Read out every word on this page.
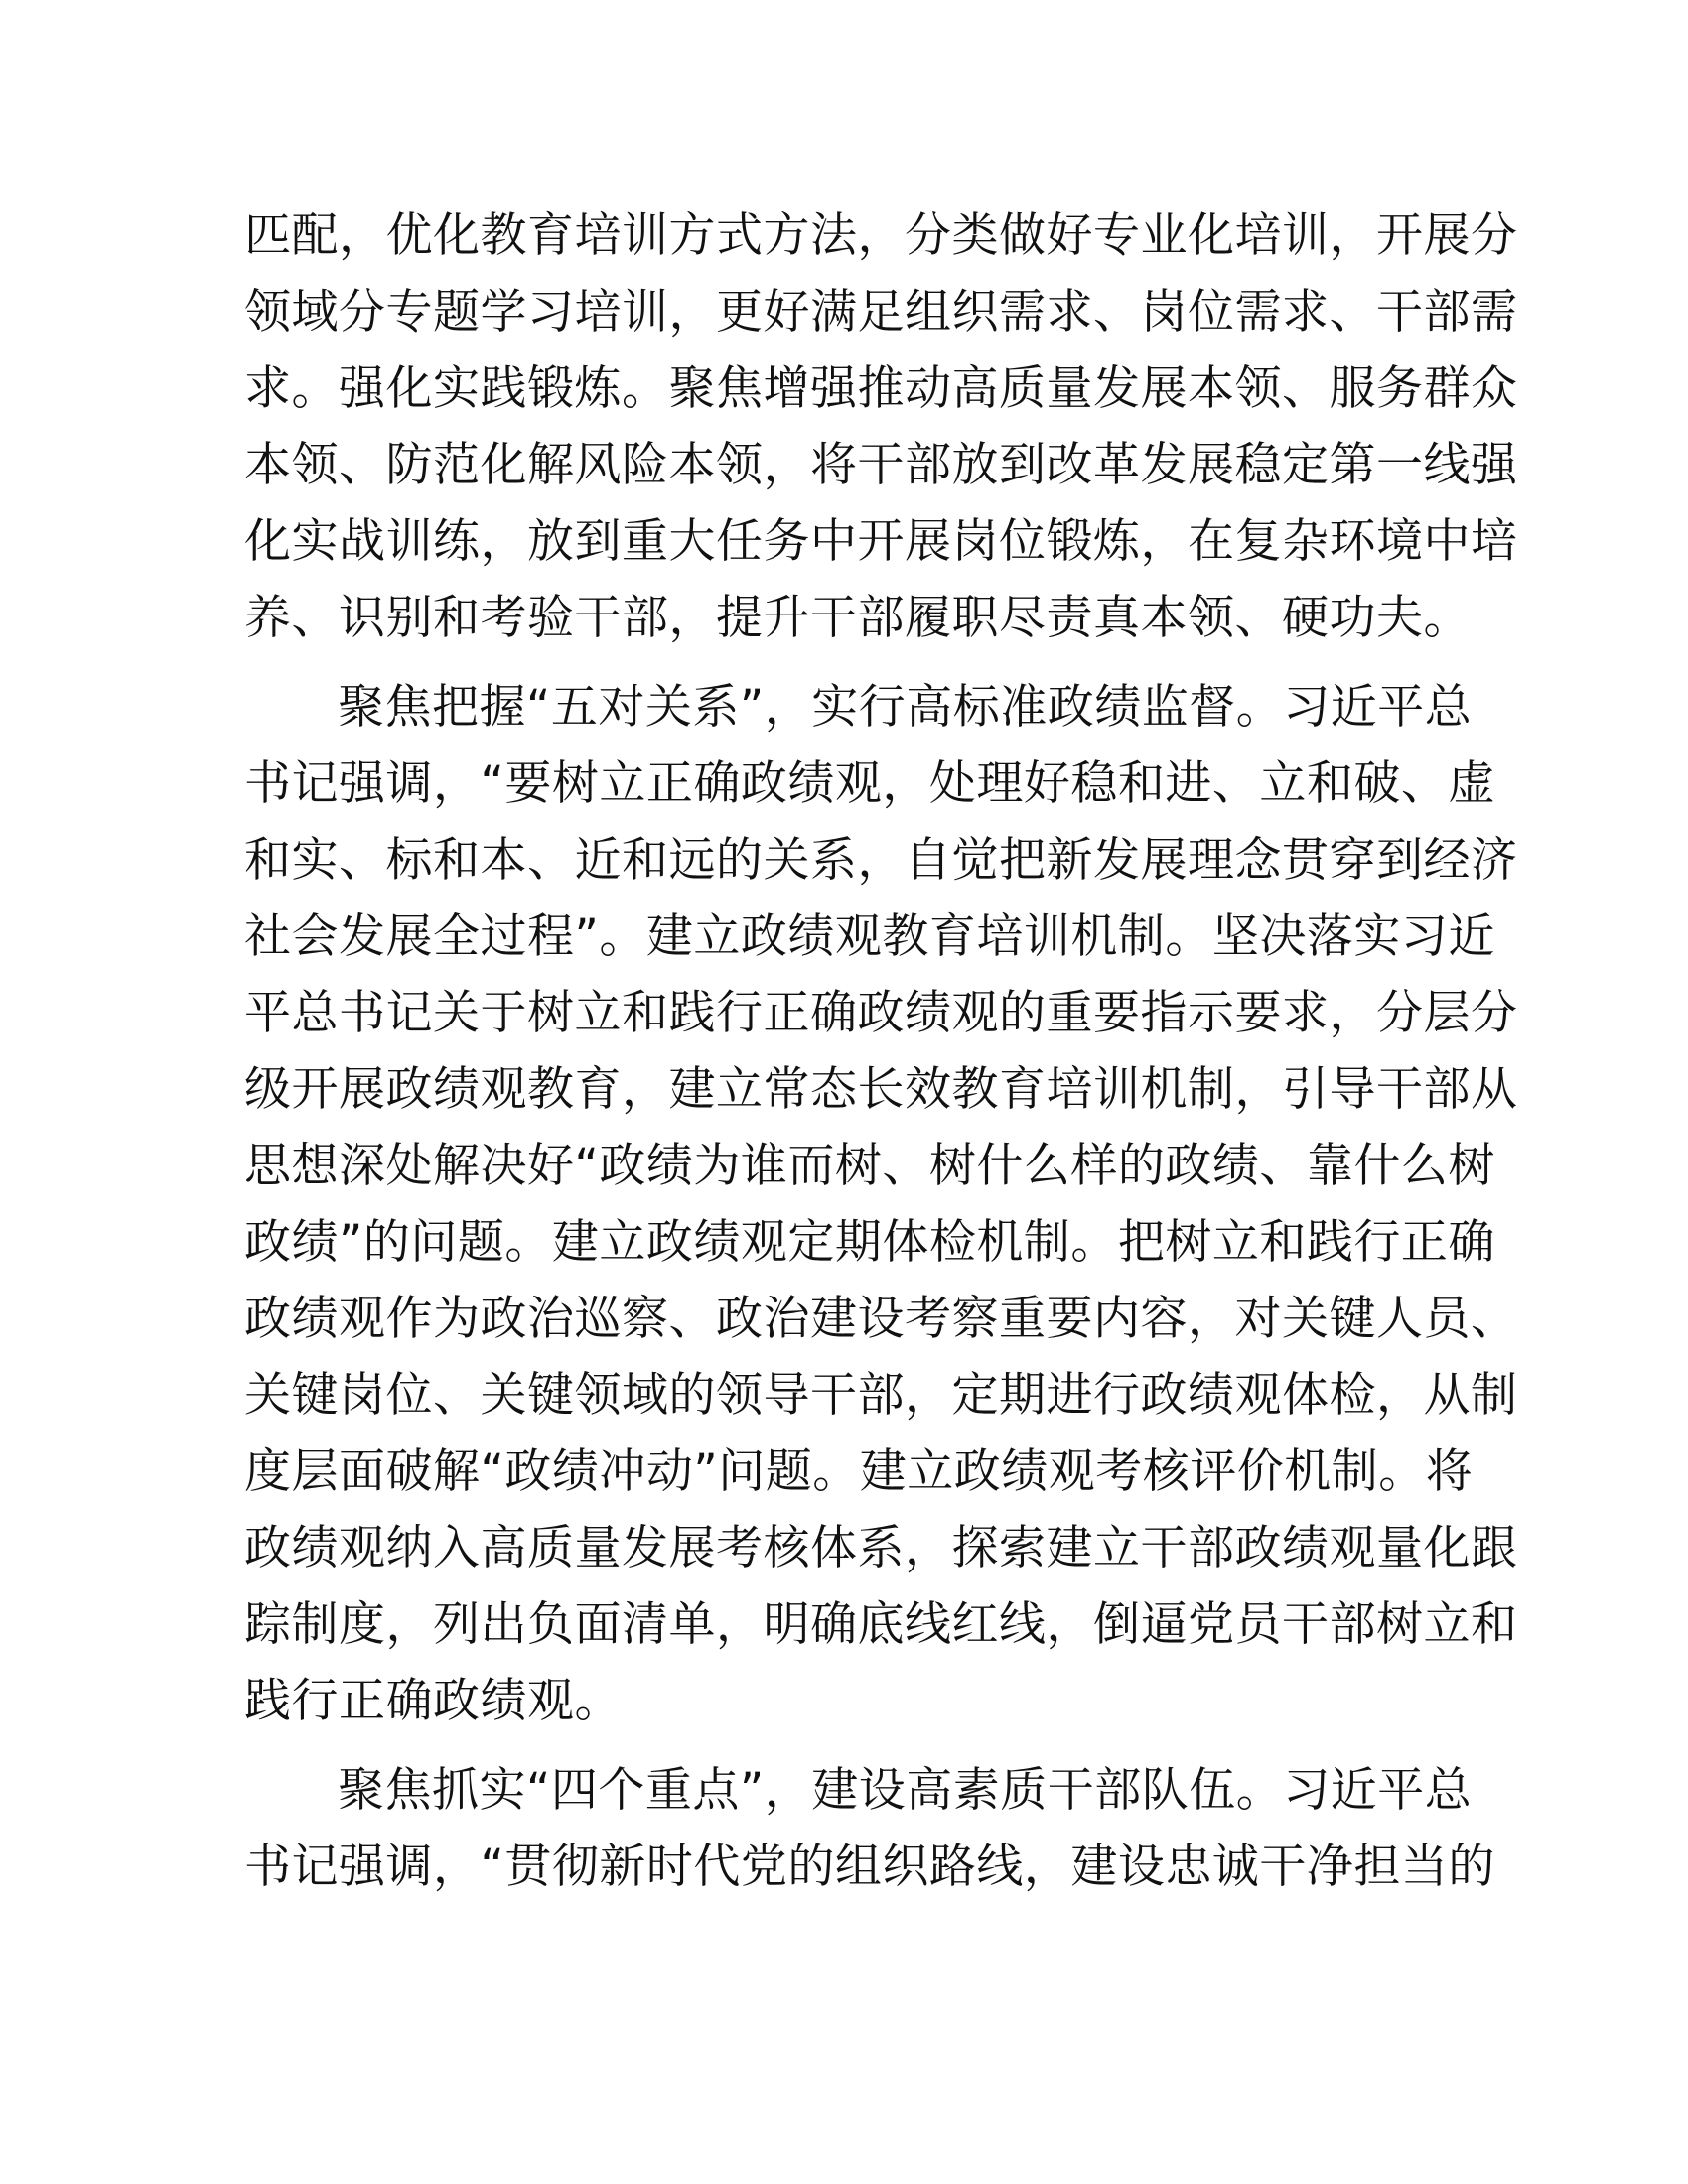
匹配，优化教育培训方式方法，分类做好专业化培训，开展分
领域分专题学习培训，更好满足组织需求、岗位需求、干部需
求。强化实践锻炼。聚焦增强推动高质量发展本领、服务群众
本领、防范化解风险本领，将干部放到改革发展稳定第一线强
化实战训练，放到重大任务中开展岗位锻炼，在复杂环境中培
养、识别和考验干部，提升干部履职尽责真本领、硬功夫。
聚焦把握“五对关系”，实行高标准政绩监督。习近平总
书记强调，“要树立正确政绩观，处理好稳和进、立和破、虚
和实、标和本、近和远的关系，自觉把新发展理念贯穿到经济
社会发展全过程”。建立政绩观教育培训机制。坚决落实习近
平总书记关于树立和践行正确政绩观的重要指示要求，分层分
级开展政绩观教育，建立常态长效教育培训机制，引导干部从
思想深处解决好“政绩为谁而树、树什么样的政绩、靠什么树
政绩”的问题。建立政绩观定期体检机制。把树立和践行正确
政绩观作为政治巡察、政治建设考察重要内容，对关键人员、
关键岗位、关键领域的领导干部，定期进行政绩观体检，从制
度层面破解“政绩冲动”问题。建立政绩观考核评价机制。将
政绩观纳入高质量发展考核体系，探索建立干部政绩观量化跟
踪制度，列出负面清单，明确底线红线，倒逼党员干部树立和
践行正确政绩观。
聚焦抓实“四个重点”，建设高素质干部队伍。习近平总
书记强调，“贯彻新时代党的组织路线，建设忠诚干净担当的
